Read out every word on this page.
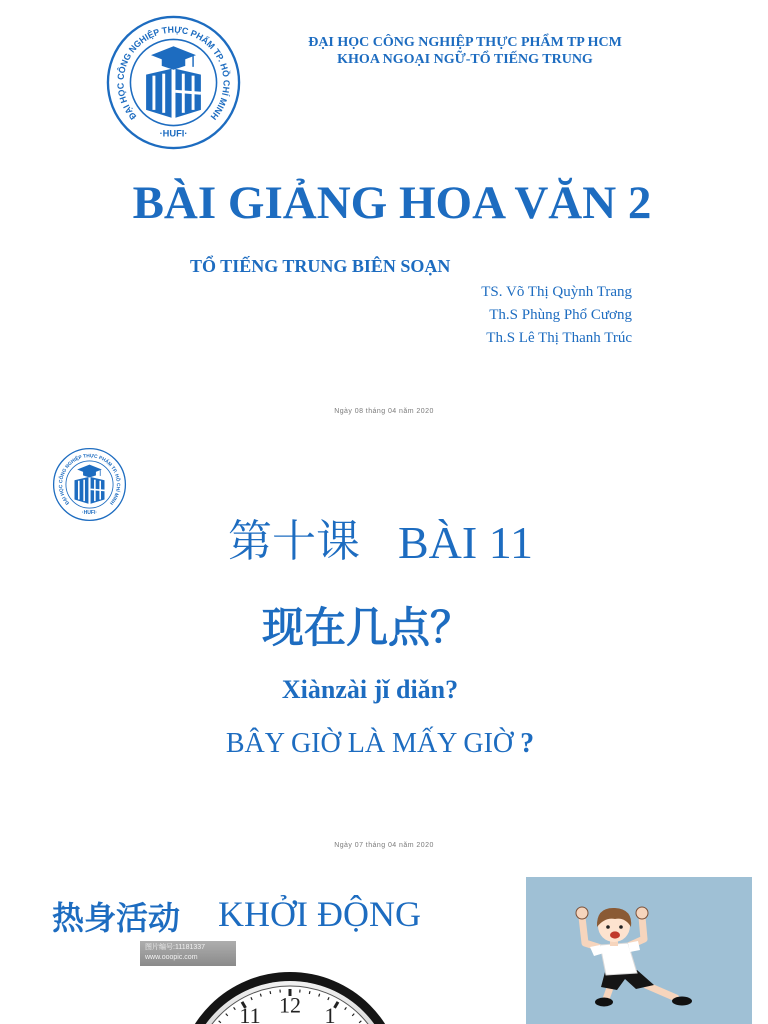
ĐẠI HỌC CÔNG NGHIỆP THỰC PHẨM TP. HỒ CHÍ MINH
·HUFI·
ĐẠI HỌC CÔNG NGHIỆP THỰC PHẨM TP HCM
KHOA NGOẠI NGỮ-TỔ TIẾNG TRUNG
BÀI GIẢNG HOA VĂN 2
TỔ TIẾNG TRUNG BIÊN SOẠN
TS. Võ Thị Quỳnh Trang
Th.S Phùng Phổ Cương
Th.S Lê Thị Thanh Trúc
Ngày 08 tháng 04 năm 2020
ĐẠI HỌC CÔNG NGHIỆP THỰC PHẨM TP. HỒ CHÍ MINH
·HUFI·
第十课 BÀI 11
现在几点？
Xiànzài jǐ diǎn?
BÂY GIỜ LÀ MẤY GIỜ ?
Ngày 07 tháng 04 năm 2020
热身活动 KHỞI ĐỘNG
图片编号:11181337
www.ooopic.com
11 12 1
